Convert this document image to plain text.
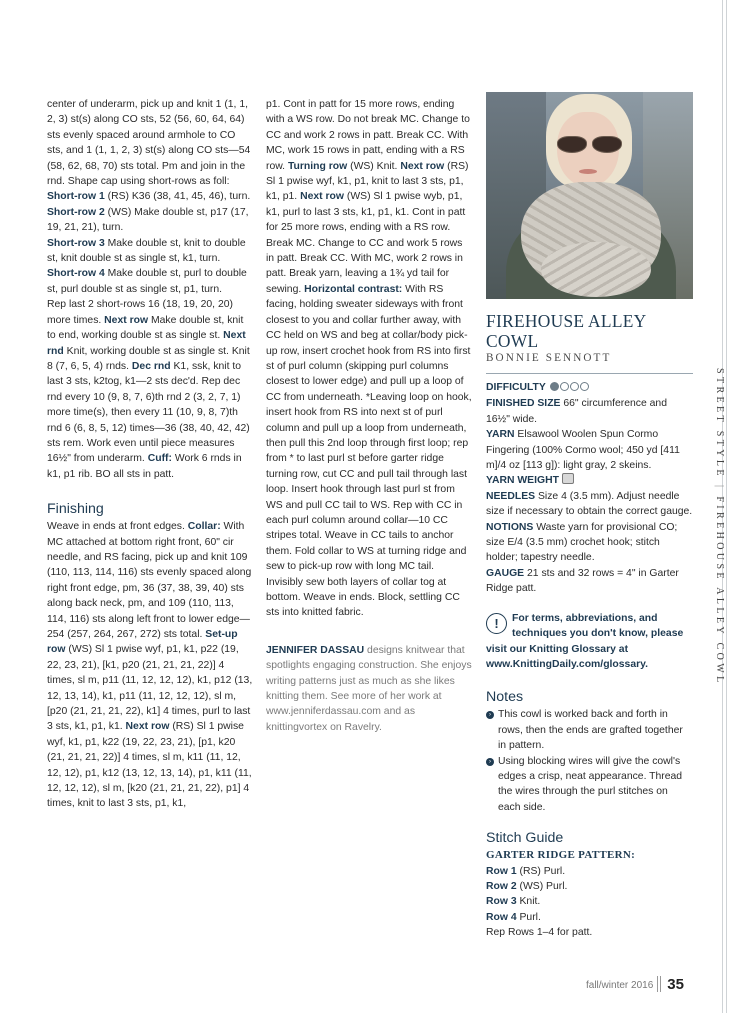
center of underarm, pick up and knit 1 (1, 1, 2, 3) st(s) along CO sts, 52 (56, 60, 64, 64) sts evenly spaced around armhole to CO sts, and 1 (1, 1, 2, 3) st(s) along CO sts—54 (58, 62, 68, 70) sts total. Pm and join in the rnd. Shape cap using short-rows as foll:

Short-row 1 (RS) K36 (38, 41, 45, 46), turn.

Short-row 2 (WS) Make double st, p17 (17, 19, 21, 21), turn.

Short-row 3 Make double st, knit to double st, knit double st as single st, k1, turn.

Short-row 4 Make double st, purl to double st, purl double st as single st, p1, turn.

Rep last 2 short-rows 16 (18, 19, 20, 20) more times. Next row Make double st, knit to end, working double st as single st. Next rnd Knit, working double st as single st. Knit 8 (7, 6, 5, 4) rnds. Dec rnd K1, ssk, knit to last 3 sts, k2tog, k1—2 sts dec'd. Rep dec rnd every 10 (9, 8, 7, 6)th rnd 2 (3, 2, 7, 1) more time(s), then every 11 (10, 9, 8, 7)th rnd 6 (6, 8, 5, 12) times—36 (38, 40, 42, 42) sts rem. Work even until piece measures 16½" from underarm. Cuff: Work 6 rnds in k1, p1 rib. BO all sts in patt.

Finishing

Weave in ends at front edges. Collar: With MC attached at bottom right front, 60" cir needle, and RS facing, pick up and knit 109 (110, 113, 114, 116) sts evenly spaced along right front edge, pm, 36 (37, 38, 39, 40) sts along back neck, pm, and 109 (110, 113, 114, 116) sts along left front to lower edge—254 (257, 264, 267, 272) sts total. Set-up row (WS) Sl 1 pwise wyf, p1, k1, p22 (19, 22, 23, 21), [k1, p20 (21, 21, 21, 22)] 4 times, sl m, p11 (11, 12, 12, 12), k1, p12 (13, 12, 13, 14), k1, p11 (11, 12, 12, 12), sl m, [p20 (21, 21, 21, 22), k1] 4 times, purl to last 3 sts, k1, p1, k1. Next row (RS) Sl 1 pwise wyf, k1, p1, k22 (19, 22, 23, 21), [p1, k20 (21, 21, 21, 22)] 4 times, sl m, k11 (11, 12, 12, 12), p1, k12 (13, 12, 13, 14), p1, k11 (11, 12, 12, 12), sl m, [k20 (21, 21, 21, 22), p1] 4 times, knit to last 3 sts, p1, k1,

p1. Cont in patt for 15 more rows, ending with a WS row. Do not break MC. Change to CC and work 2 rows in patt. Break CC. With MC, work 15 rows in patt, ending with a RS row. Turning row (WS) Knit. Next row (RS) Sl 1 pwise wyf, k1, p1, knit to last 3 sts, p1, k1, p1. Next row (WS) Sl 1 pwise wyb, p1, k1, purl to last 3 sts, k1, p1, k1. Cont in patt for 25 more rows, ending with a RS row. Break MC. Change to CC and work 5 rows in patt. Break CC. With MC, work 2 rows in patt. Break yarn, leaving a 1¾ yd tail for sewing. Horizontal contrast: With RS facing, holding sweater sideways with front closest to you and collar further away, with CC held on WS and beg at collar/body pick-up row, insert crochet hook from RS into first st of purl column (skipping purl columns closest to lower edge) and pull up a loop of CC from underneath. *Leaving loop on hook, insert hook from RS into next st of purl column and pull up a loop from underneath, then pull this 2nd loop through first loop; rep from * to last purl st before garter ridge turning row, cut CC and pull tail through last loop. Insert hook through last purl st from WS and pull CC tail to WS. Rep with CC in each purl column around collar—10 CC stripes total. Weave in CC tails to anchor them. Fold collar to WS at turning ridge and sew to pick-up row with long MC tail. Invisibly sew both layers of collar tog at bottom. Weave in ends. Block, settling CC sts into knitted fabric.

JENNIFER DASSAU designs knitwear that spotlights engaging construction. She enjoys writing patterns just as much as she likes knitting them. See more of her work at www.jenniferdassau.com and as knittingvortex on Ravelry.

FIREHOUSE ALLEY COWL
BONNIE SENNOTT

DIFFICULTY

FINISHED SIZE 66" circumference and 16½" wide.

YARN Elsawool Woolen Spun Cormo Fingering (100% Cormo wool; 450 yd [411 m]/4 oz [113 g]): light gray, 2 skeins.

YARN WEIGHT

NEEDLES Size 4 (3.5 mm). Adjust needle size if necessary to obtain the correct gauge.

NOTIONS Waste yarn for provisional CO; size E/4 (3.5 mm) crochet hook; stitch holder; tapestry needle.

GAUGE 21 sts and 32 rows = 4" in Garter Ridge patt.

!	For terms, abbreviations, and techniques you don't know, please visit our Knitting Glossary at www.KnittingDaily.com/glossary.
Notes

› This cowl is worked back and forth in rows, then the ends are grafted together in pattern.

› Using blocking wires will give the cowl's edges a crisp, neat appearance. Thread the wires through the purl stitches on each side.

Stitch Guide

GARTER RIDGE PATTERN:

Row 1 (RS) Purl.

Row 2 (WS) Purl.

Row 3 Knit.

Row 4 Purl.

Rep Rows 1–4 for patt.

STREET STYLE|FIREHOUSE ALLEY COWL
fall/winter 2016 35
